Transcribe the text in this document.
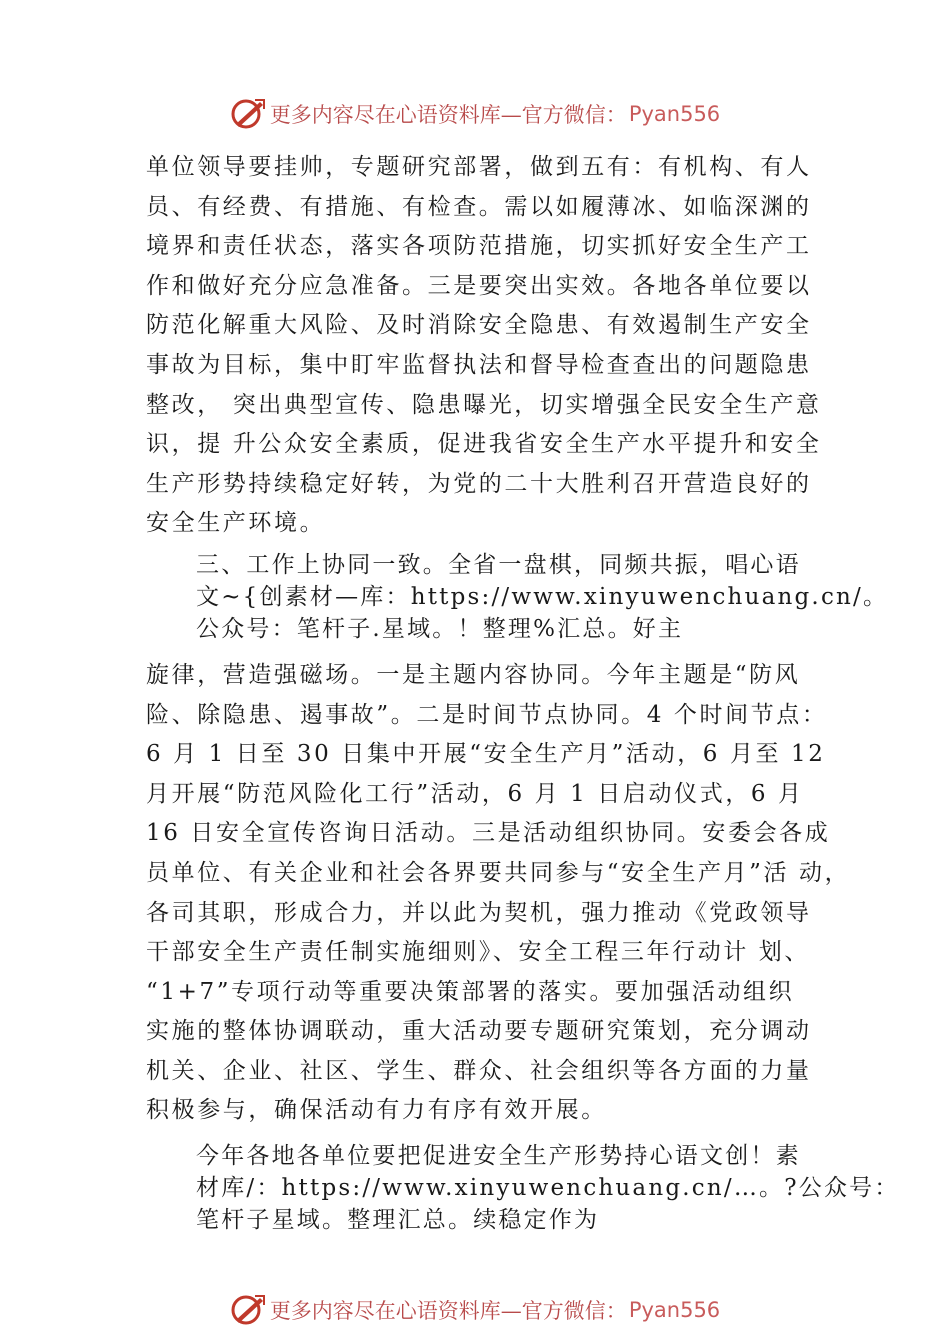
更多内容尽在心语资料库—官方微信： Pyan556
单位领导要挂帅，专题研究部署，做到五有：有机构、有人
员、有经费、有措施、有检查。需以如履薄冰、如临深渊的
境界和责任状态，落实各项防范措施，切实抓好安全生产工
作和做好充分应急准备。三是要突出实效。各地各单位要以
防范化解重大风险、及时消除安全隐患、有效遏制生产安全
事故为目标，集中盯牢监督执法和督导检查查出的问题隐患
整改， 突出典型宣传、隐患曝光，切实增强全民安全生产意
识，提 升公众安全素质，促进我省安全生产水平提升和安全
生产形势持续稳定好转，为党的二十大胜利召开营造良好的
安全生产环境。
三、工作上协同一致。全省一盘棋，同频共振，唱心语
文~{创素材—库：https://www.xinyuwenchuang.cn/。
公众号：笔杆子.星域。！整理%汇总。好主
旋律，营造强磁场。一是主题内容协同。今年主题是“防风
险、除隐患、遏事故”。二是时间节点协同。4 个时间节点：
6 月 1 日至 30 日集中开展“安全生产月”活动，6 月至 12
月开展“防范风险化工行”活动，6 月 1 日启动仪式，6 月
16 日安全宣传咨询日活动。三是活动组织协同。安委会各成
员单位、有关企业和社会各界要共同参与“安全生产月”活 动，
各司其职，形成合力，并以此为契机，强力推动《党政领导
干部安全生产责任制实施细则》、安全工程三年行动计 划、
“1+7”专项行动等重要决策部署的落实。要加强活动组织
实施的整体协调联动，重大活动要专题研究策划，充分调动
机关、企业、社区、学生、群众、社会组织等各方面的力量
积极参与，确保活动有力有序有效开展。
今年各地各单位要把促进安全生产形势持心语文创！素
材库/：https://www.xinyuwenchuang.cn/…。?公众号：
笔杆子星域。整理汇总。续稳定作为
更多内容尽在心语资料库—官方微信： Pyan556
